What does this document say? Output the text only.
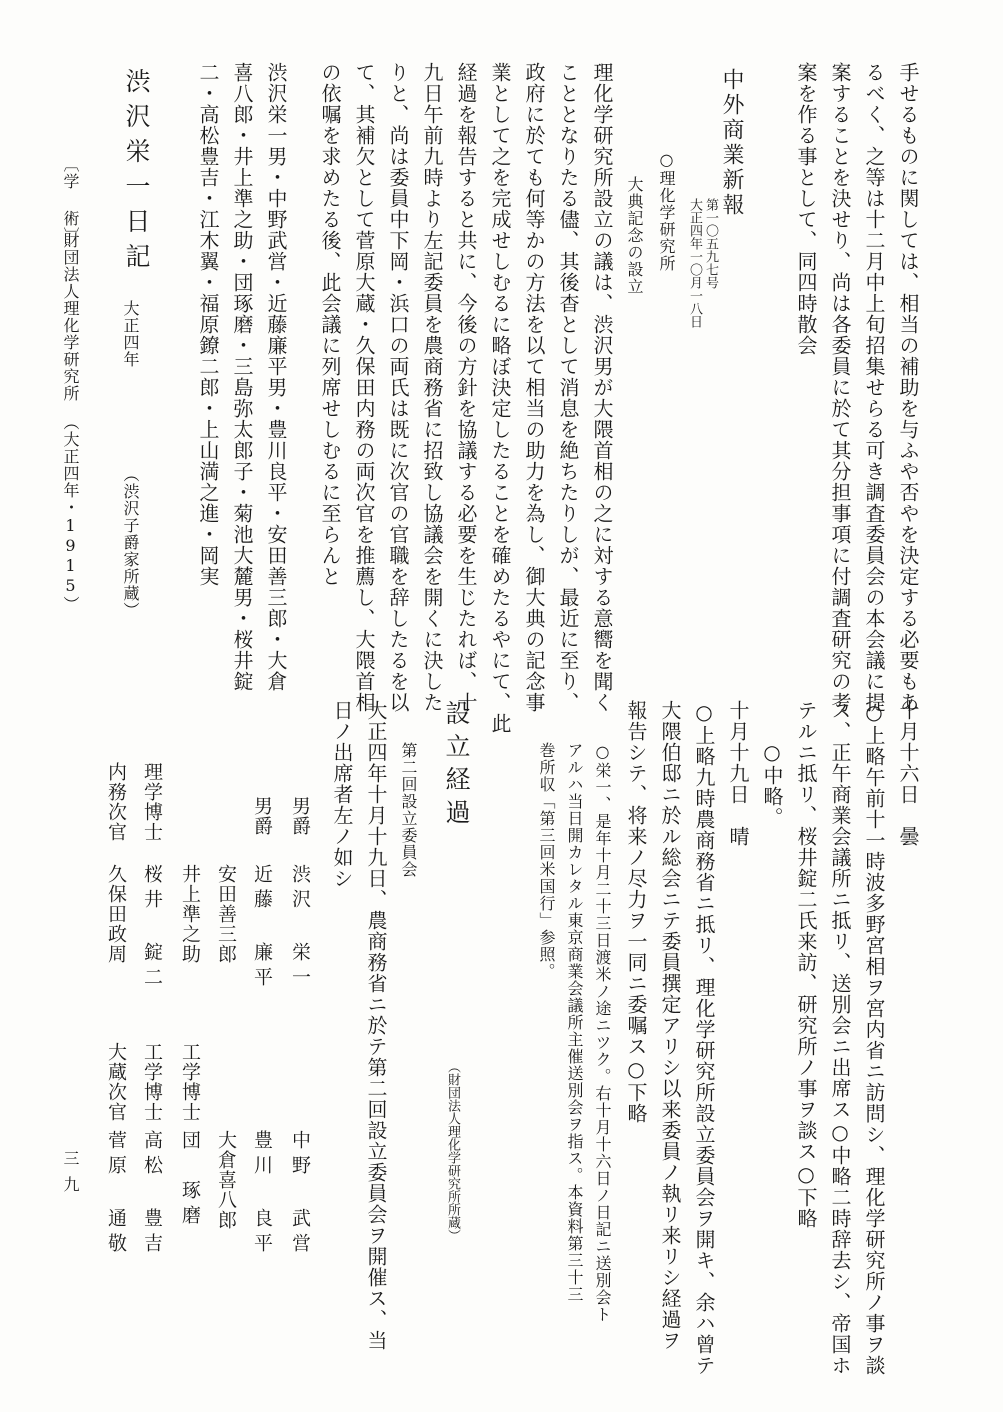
手せるものに関しては、相当の補助を与ふや否やを決定する必要もあ
るべく、之等は十二月中上旬招集せらる可き調査委員会の本会議に提
案することを決せり、尚は各委員に於て其分担事項に付調査研究の考
案を作る事として、同四時散会
中外商業新報
第一〇五九七号
大正四年一〇月一八日
○理化学研究所
大典記念の設立
理化学研究所設立の議は、渋沢男が大隈首相の之に対する意嚮を聞く
こととなりたる儘、其後杳として消息を絶ちたりしが、最近に至り、
政府に於ても何等かの方法を以て相当の助力を為し、御大典の記念事
業として之を完成せしむるに略ぼ決定したることを確めたるやにて、此
経過を報告すると共に、今後の方針を協議する必要を生じたれば、十
九日午前九時より左記委員を農商務省に招致し協議会を開くに決した
りと、尚は委員中下岡・浜口の両氏は既に次官の官職を辞したるを以
て、其補欠として菅原大蔵・久保田内務の両次官を推薦し、大隈首相
の依嘱を求めたる後、此会議に列席せしむるに至らんと
渋沢栄一男・中野武営・近藤廉平男・豊川良平・安田善三郎・大倉
喜八郎・井上準之助・団琢磨・三島弥太郎子・菊池大麓男・桜井錠
二・高松豊吉・江木翼・福原鐐二郎・上山満之進・岡実
渋沢栄一日記
大正四年
（渋沢子爵家所蔵）
〔学 術〕
財団法人理化学研究所
（大正四年・1915）
十月十六日　曇
○上略午前十一時波多野宮相ヲ宮内省ニ訪問シ、理化学研究所ノ事ヲ談
ス、正午商業会議所ニ抵リ、送別会ニ出席ス○中略二時辞去シ、帝国ホ
テルニ抵リ、桜井錠二氏来訪、研究所ノ事ヲ談ス○下略
○中略。
十月十九日　晴
○上略九時農商務省ニ抵リ、理化学研究所設立委員会ヲ開キ、余ハ曾テ
大隈伯邸ニ於ル総会ニテ委員撰定アリシ以来委員ノ執リ来リシ経過ヲ
報告シテ、将来ノ尽力ヲ一同ニ委嘱ス○下略
○栄一、是年十月二十三日渡米ノ途ニツク。右十月十六日ノ日記ニ送別会ト
アルハ当日開カレタル東京商業会議所主催送別会ヲ指ス。本資料第三十三
巻所収「第三回米国行」参照。
設立経過
（財団法人理化学研究所所蔵）
第二回設立委員会
大正四年十月十九日、農商務省ニ於テ第二回設立委員会ヲ開催ス、当
日ノ出席者左ノ如シ
男爵
渋沢 栄一
中野 武営
男爵
近藤 廉平
豊川 良平
安田善三郎
大倉喜八郎
井上準之助
工学博士
団　琢磨
理学博士
桜井 錠二
工学博士
高松 豊吉
内務次官
久保田政周
大蔵次官
菅原 通敬
三九
